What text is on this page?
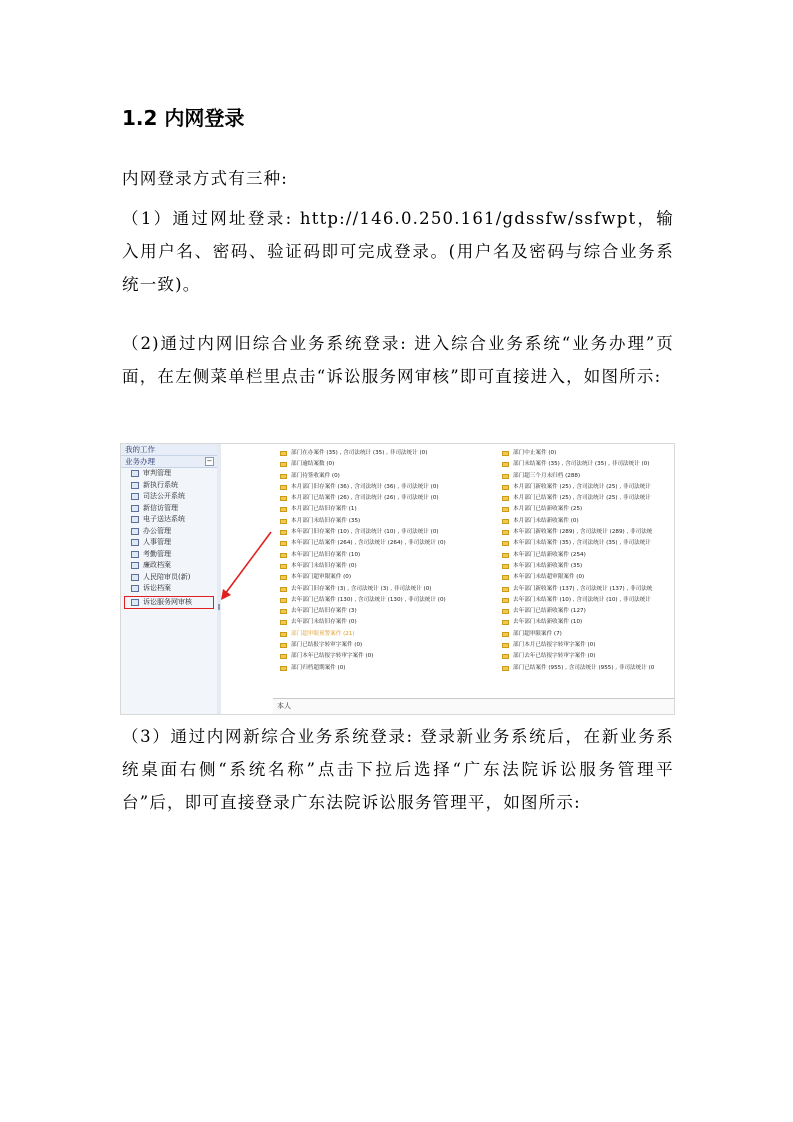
1.2 内网登录

内网登录方式有三种:

（1）通过网址登录: http://146.0.250.161/gdssfw/ssfwpt，输入用户名、密码、验证码即可完成登录。(用户名及密码与综合业务系统一致)。

（2)通过内网旧综合业务系统登录: 进入综合业务系统“业务办理”页面，在左侧菜单栏里点击“诉讼服务网审核”即可直接进入，如图所示:

我的工作
业务办理	−
审判管理
新执行系统
司法公开系统
新信访管理
电子送达系统
办公管理
人事管理
考勤管理
廉政档案
人民陪审员(新)
诉讼档案
诉讼服务网审核
部门在办案件 (35) , 含司法统计 (35) , 非司法统计 (0)
部门逾结案数 (0)
部门待签收案件 (0)
本月部门旧存案件 (36) , 含司法统计 (36) , 非司法统计 (0)
本月部门已结案件 (26) , 含司法统计 (26) , 非司法统计 (0)
本月部门已结旧存案件 (1)
本月部门未结旧存案件 (35)
本年部门旧存案件 (10) , 含司法统计 (10) , 非司法统计 (0)
本年部门已结案件 (264) , 含司法统计 (264) , 非司法统计 (0)
本年部门已结旧存案件 (10)
本年部门未结旧存案件 (0)
本年部门超审限案件 (0)
去年部门旧存案件 (3) , 含司法统计 (3) , 非司法统计 (0)
去年部门已结案件 (130) , 含司法统计 (130) , 非司法统计 (0)
去年部门已结旧存案件 (3)
去年部门未结旧存案件 (0)
部门超审限预警案件 (21)
部门已结报字转审字案件 (0)
部门本年已结报字转审字案件 (0)
部门归档超期案件 (0)
部门中止案件 (0)
部门未结案件 (35) , 含司法统计 (35) , 非司法统计 (0)
部门超三个月未归档 (288)
本月部门新收案件 (25) , 含司法统计 (25) , 非司法统计
本月部门已结案件 (25) , 含司法统计 (25) , 非司法统计
本月部门已结新收案件 (25)
本月部门未结新收案件 (0)
本年部门新收案件 (289) , 含司法统计 (289) , 非司法统
本年部门未结案件 (35) , 含司法统计 (35) , 非司法统计
本年部门已结新收案件 (254)
本年部门未结新收案件 (35)
本年部门未结超审限案件 (0)
去年部门新收案件 (137) , 含司法统计 (137) , 非司法统
去年部门未结案件 (10) , 含司法统计 (10) , 非司法统计
去年部门已结新收案件 (127)
去年部门未结新收案件 (10)
部门超审限案件 (7)
部门本月已结报字转审字案件 (0)
部门去年已结报字转审字案件 (0)
部门已结案件 (955) , 含司法统计 (955) , 非司法统计 (0
本人

（3）通过内网新综合业务系统登录: 登录新业务系统后，在新业务系统桌面右侧“系统名称”点击下拉后选择“广东法院诉讼服务管理平台”后，即可直接登录广东法院诉讼服务管理平，如图所示:
